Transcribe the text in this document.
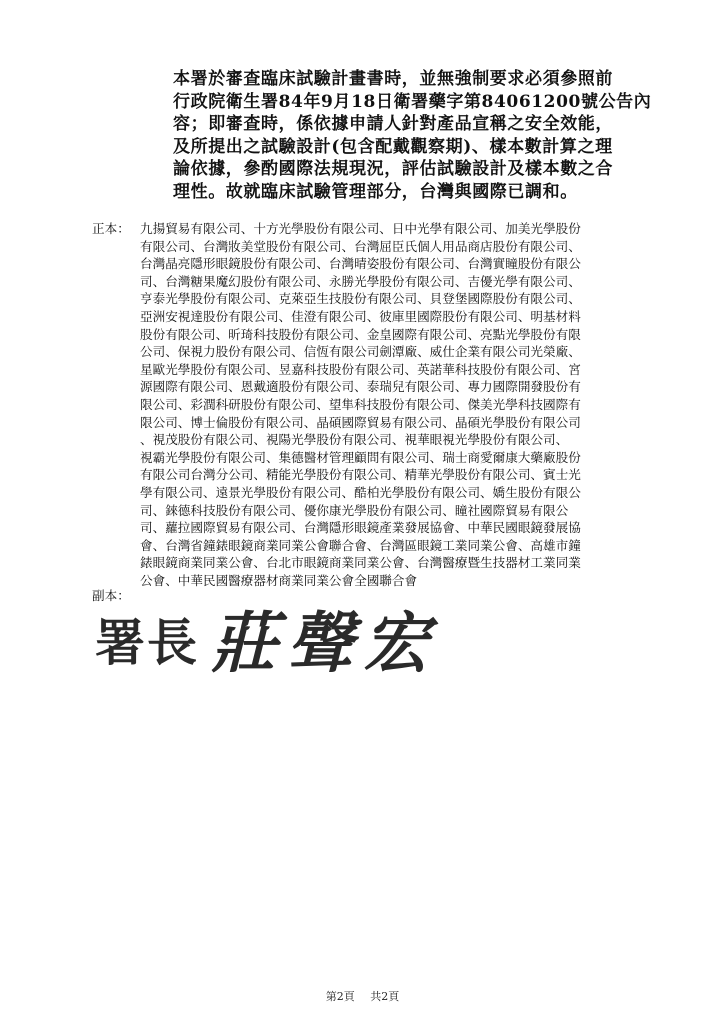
本署於審查臨床試驗計畫書時，並無強制要求必須參照前
行政院衛生署84年9月18日衛署藥字第84061200號公告內
容；即審查時，係依據申請人針對產品宣稱之安全效能，
及所提出之試驗設計(包含配戴觀察期)、樣本數計算之理
論依據，參酌國際法規現況，評估試驗設計及樣本數之合
理性。故就臨床試驗管理部分，台灣與國際已調和。
正本： 九揚貿易有限公司、十方光學股份有限公司、日中光學有限公司、加美光學股份
有限公司、台灣妝美堂股份有限公司、台灣屈臣氏個人用品商店股份有限公司、
台灣晶亮隱形眼鏡股份有限公司、台灣晴姿股份有限公司、台灣實瞳股份有限公
司、台灣糖果魔幻股份有限公司、永勝光學股份有限公司、吉優光學有限公司、
亨泰光學股份有限公司、克萊亞生技股份有限公司、貝登堡國際股份有限公司、
亞洲安視達股份有限公司、佳澄有限公司、彼庫里國際股份有限公司、明基材料
股份有限公司、昕琦科技股份有限公司、金皇國際有限公司、亮點光學股份有限
公司、保視力股份有限公司、信恆有限公司劍潭廠、威仕企業有限公司光榮廠、
星歐光學股份有限公司、昱嘉科技股份有限公司、英諾華科技股份有限公司、宮
源國際有限公司、恩戴適股份有限公司、泰瑞兒有限公司、專力國際開發股份有
限公司、彩潤科研股份有限公司、望隼科技股份有限公司、傑美光學科技國際有
限公司、博士倫股份有限公司、晶碩國際貿易有限公司、晶碩光學股份有限公司
、視茂股份有限公司、視陽光學股份有限公司、視華眼視光學股份有限公司、
視霸光學股份有限公司、集德醫材管理顧問有限公司、瑞士商愛爾康大藥廠股份
有限公司台灣分公司、精能光學股份有限公司、精華光學股份有限公司、賓士光
學有限公司、遠景光學股份有限公司、酷柏光學股份有限公司、嬌生股份有限公
司、錸德科技股份有限公司、優你康光學股份有限公司、瞳社國際貿易有限公
司、蘿拉國際貿易有限公司、台灣隱形眼鏡產業發展協會、中華民國眼鏡發展協
會、台灣省鐘錶眼鏡商業同業公會聯合會、台灣區眼鏡工業同業公會、高雄市鐘
錶眼鏡商業同業公會、台北市眼鏡商業同業公會、台灣醫療暨生技器材工業同業
公會、中華民國醫療器材商業同業公會全國聯合會
副本：
署長 莊聲宏
第2頁 共2頁
